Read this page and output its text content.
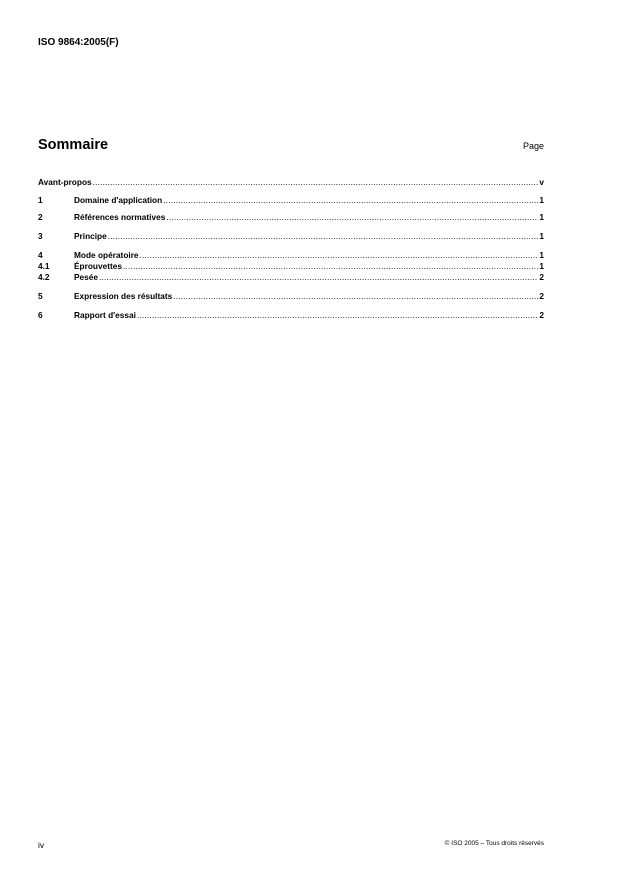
ISO 9864:2005(F)
Sommaire	Page
Avant-propos .....	v
1	Domaine d'application .....	1
2	Références normatives .....	1
3	Principe .....	1
4	Mode opératoire .....	1
4.1	Éprouvettes .....	1
4.2	Pesée .....	2
5	Expression des résultats .....	2
6	Rapport d'essai .....	2
iv	© ISO 2005 – Tous droits réservés
